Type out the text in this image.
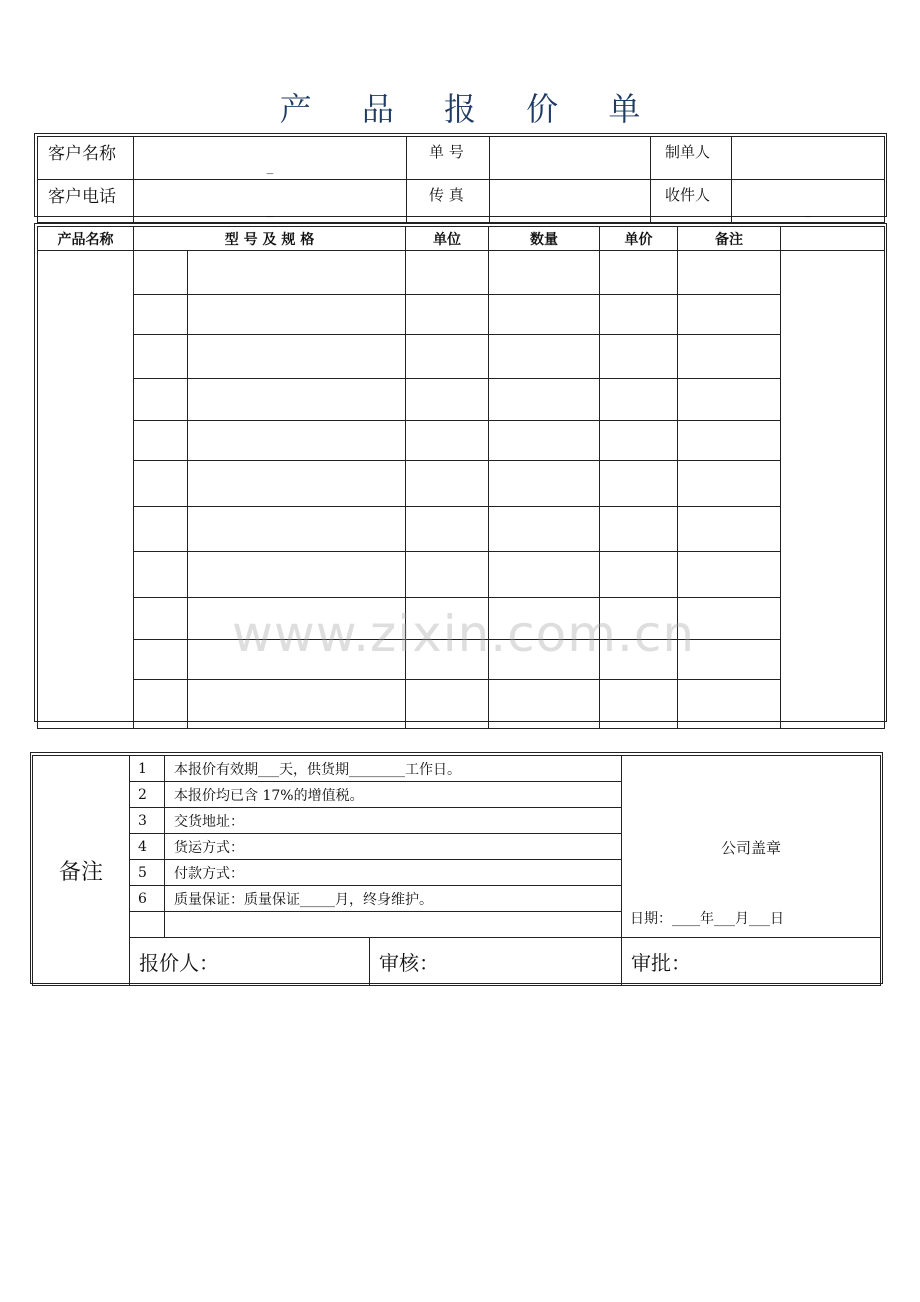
产 品 报 价 单
客户名称	_	单 号		制单人	
客户电话	_	传 真		收件人	_
产品名称	型 号 及 规 格		单位	数量	单价	备注	

www.zixin.com.cn
备注	1	本报价有效期___天，供货期________工作日。		公司盖章
日期：____年___月___日

	2	本报价均已含 17%的增值税。		
	3	交货地址：		
	4	货运方式：		
	5	付款方式：		
	6	质量保证：质量保证_____月，终身维护。		

	报价人：		审核：	审批：
